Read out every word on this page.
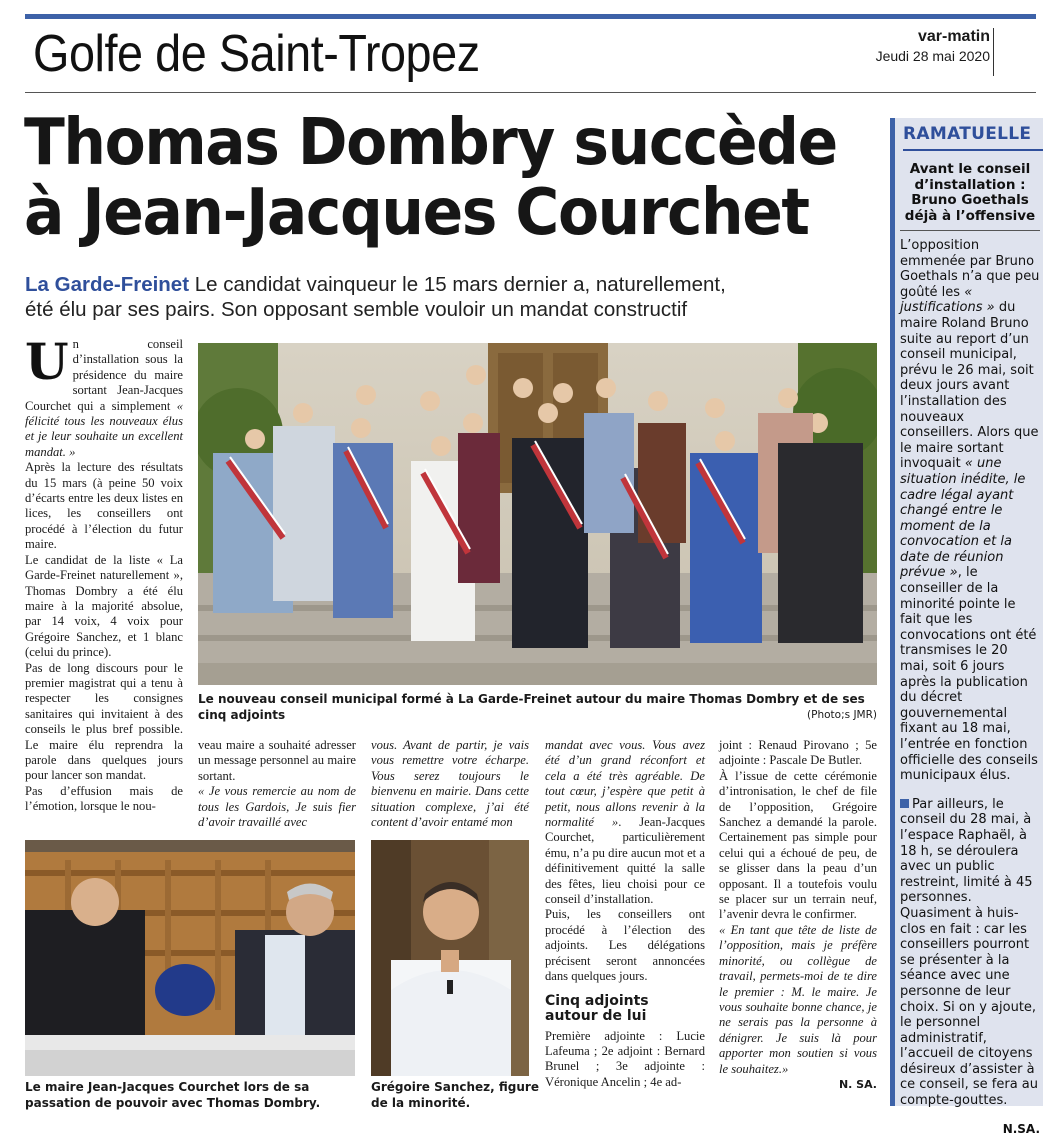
Golfe de Saint-Tropez	var-matin
Jeudi 28 mai 2020
Thomas Dombry succède
à Jean-Jacques Courchet
La Garde-Freinet Le candidat vainqueur le 15 mars dernier a, naturellement,
été élu par ses pairs. Son opposant semble vouloir un mandat constructif
U n conseil d’installation sous la présidence du maire sortant Jean-Jacques Courchet qui a simplement « félicité tous les nouveaux élus et je leur souhaite un excellent mandat. »

Après la lecture des résultats du 15 mars (à peine 50 voix d’écarts entre les deux listes en lices, les conseillers ont procédé à l’élection du futur maire.

Le candidat de la liste « La Garde-Freinet naturellement », Thomas Dombry a été élu maire à la majorité absolue, par 14 voix, 4 voix pour Grégoire Sanchez, et 1 blanc (celui du prince).

Pas de long discours pour le premier magistrat qui a tenu à respecter les consignes sanitaires qui invitaient à des conseils le plus bref possible. Le maire élu reprendra la parole dans quelques jours pour lancer son mandat.

Pas d’effusion mais de l’émotion, lorsque le nou-

Le nouveau conseil municipal formé à La Garde-Freinet autour du maire Thomas Dombry et de ses cinq adjoints	(Photo;s JMR)

veau maire a souhaité adresser un message personnel au maire sortant.

« Je vous remercie au nom de tous les Gardois, Je suis fier d’avoir travaillé avec

vous. Avant de partir, je vais vous remettre votre écharpe. Vous serez toujours le bienvenu en mairie. Dans cette situation complexe, j’ai été content d’avoir entamé mon

mandat avec vous. Vous avez été d’un grand réconfort et cela a été très agréable. De tout cœur, j’espère que petit à petit, nous allons revenir à la normalité ». Jean-Jacques Courchet, particulièrement ému, n’a pu dire aucun mot et a définitivement quitté la salle des fêtes, lieu choisi pour ce conseil d’installation.

Puis, les conseillers ont procédé à l’élection des adjoints. Les délégations précisent seront annoncées dans quelques jours.

Cinq adjoints autour de lui

Première adjointe : Lucie Lafeuma ; 2e adjoint : Bernard Brunel ; 3e adjointe : Véronique Ancelin ; 4e ad-

joint : Renaud Pirovano ; 5e adjointe : Pascale De Butler.

À l’issue de cette cérémonie d’intronisation, le chef de file de l’opposition, Grégoire Sanchez a demandé la parole. Certainement pas simple pour celui qui a échoué de peu, de se glisser dans la peau d’un opposant. Il a toutefois voulu se placer sur un terrain neuf, l’avenir devra le confirmer.

« En tant que tête de liste de l’opposition, mais je préfère minorité, ou collègue de travail, permets-moi de te dire le premier : M. le maire. Je vous souhaite bonne chance, je ne serais pas la personne à dénigrer. Je suis là pour apporter mon soutien si vous le souhaitez.»

N. SA.
Le maire Jean-Jacques Courchet lors de sa passation de pouvoir avec Thomas Dombry.
Grégoire Sanchez, figure de la minorité.
RAMATUELLE
Avant le conseil d’installation : Bruno Goethals déjà à l’offensive

L’opposition emmenée par Bruno Goethals n’a que peu goûté les « justifications » du maire Roland Bruno suite au report d’un conseil municipal, prévu le 26 mai, soit deux jours avant l’installation des nouveaux conseillers. Alors que le maire sortant invoquait « une situation inédite, le cadre légal ayant changé entre le moment de la convocation et la date de réunion prévue », le conseiller de la minorité pointe le fait que les convocations ont été transmises le 20 mai, soit 6 jours après la publication du décret gouvernemental fixant au 18 mai, l’entrée en fonction officielle des conseils municipaux élus.

Par ailleurs, le conseil du 28 mai, à l’espace Raphaël, à 18 h, se déroulera avec un public restreint, limité à 45 personnes. Quasiment à huis-clos en fait : car les conseillers pourront se présenter à la séance avec une personne de leur choix. Si on y ajoute, le personnel administratif, l’accueil de citoyens désireux d’assister à ce conseil, se fera au compte-gouttes.

N.SA.
